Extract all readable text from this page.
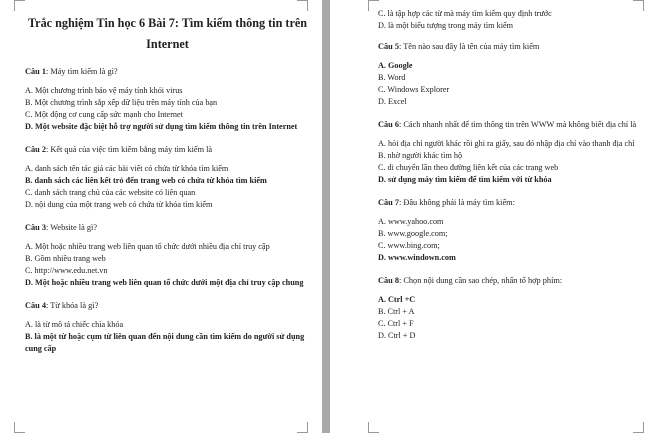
Trắc nghiệm Tin học 6 Bài 7: Tìm kiếm thông tin trên
Internet
Câu 1: Máy tìm kiếm là gì?
A. Một chương trình bảo vệ máy tính khỏi virus
B. Một chương trình sắp xếp dữ liệu trên máy tính của bạn
C. Một động cơ cung cấp sức mạnh cho Internet
D. Một website đặc biệt hỗ trợ người sử dụng tìm kiếm thông tin trên Internet
Câu 2: Kết quả của việc tìm kiếm bằng máy tìm kiếm là
A. danh sách tên tác giả các bài viết có chứa từ khóa tìm kiếm
B. danh sách các liên kết trỏ đến trang web có chứa từ khóa tìm kiếm
C. danh sách trang chủ của các website có liên quan
D. nội dung của một trang web có chứa từ khóa tìm kiếm
Câu 3: Website là gì?
A. Một hoặc nhiều trang web liên quan tổ chức dưới nhiều địa chỉ truy cập
B. Gồm nhiều trang web
C. http://www.edu.net.vn
D. Một hoặc nhiều trang web liên quan tổ chức dưới một địa chỉ truy cập chung
Câu 4: Từ khóa là gì?
A. là từ mô tả chiếc chìa khóa
B. là một từ hoặc cụm từ liên quan đến nội dung cần tìm kiếm do người sử dụng cung cấp
C. là tập hợp các từ mà máy tìm kiếm quy định trước
D. là một biểu tượng trong máy tìm kiếm
Câu 5: Tên nào sau đây là tên của máy tìm kiếm
A. Google
B. Word
C. Windows Explorer
D. Excel
Câu 6: Cách nhanh nhất để tìm thông tin trên WWW mà không biết địa chỉ là
A. hỏi địa chỉ người khác rồi ghi ra giấy, sau đó nhập địa chỉ vào thanh địa chỉ
B. nhờ người khác tìm hộ
C. di chuyển lần theo đường liên kết của các trang web
D. sử dụng máy tìm kiếm để tìm kiếm với từ khóa
Câu 7: Đâu không phải là máy tìm kiếm:
A. www.yahoo.com
B. www.google.com;
C. www.bing.com;
D. www.windown.com
Câu 8: Chọn nội dung cần sao chép, nhấn tổ hợp phím:
A. Ctrl +C
B. Ctrl + A
C. Ctrl + F
D. Ctrl + D
